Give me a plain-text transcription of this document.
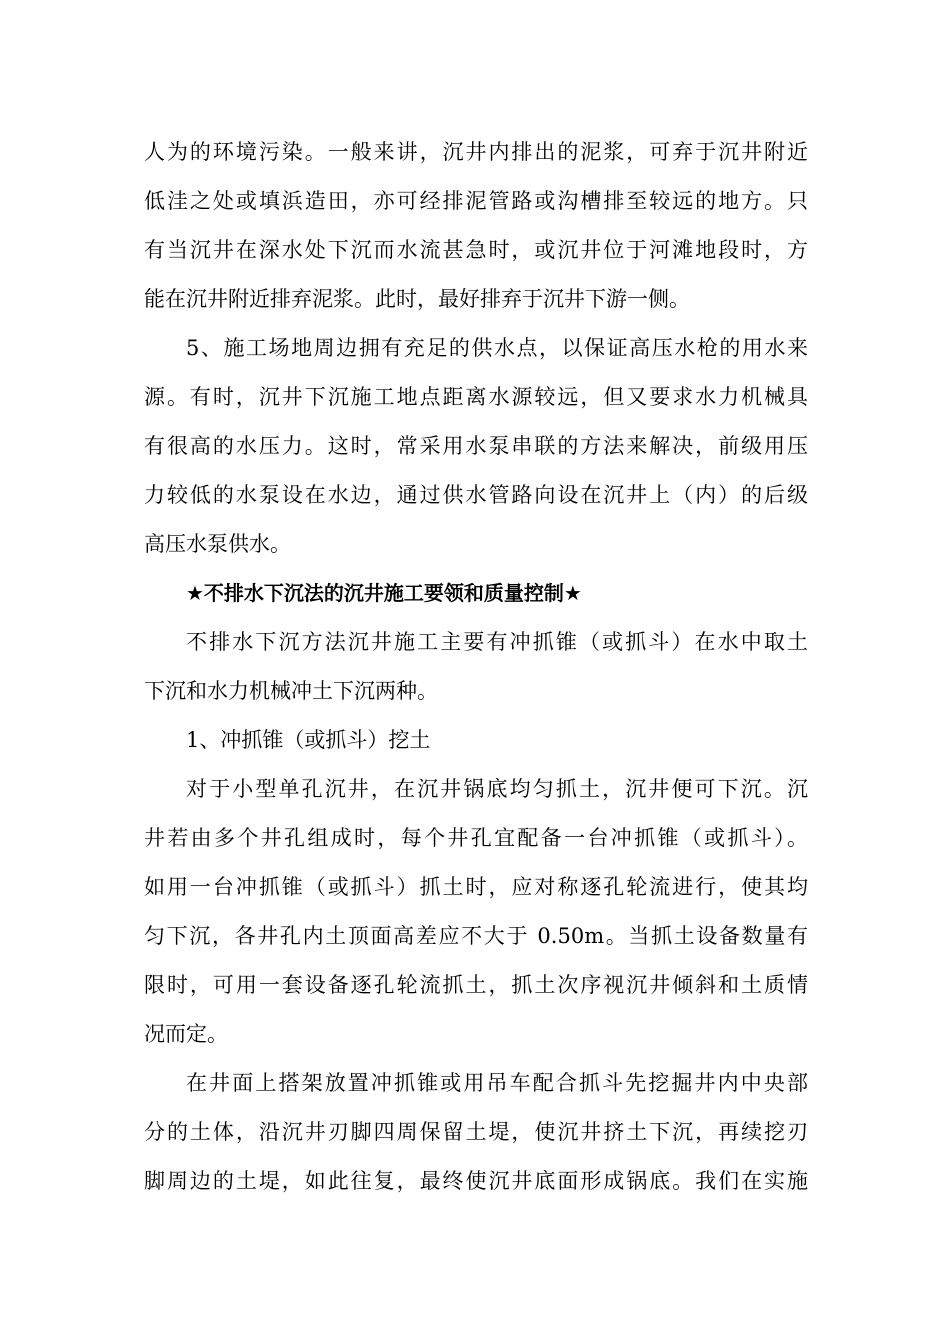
人为的环境污染。一般来讲，沉井内排出的泥浆，可弃于沉井附近
低洼之处或填浜造田，亦可经排泥管路或沟槽排至较远的地方。只
有当沉井在深水处下沉而水流甚急时，或沉井位于河滩地段时，方
能在沉井附近排弃泥浆。此时，最好排弃于沉井下游一侧。
5、施工场地周边拥有充足的供水点，以保证高压水枪的用水来
源。有时，沉井下沉施工地点距离水源较远，但又要求水力机械具
有很高的水压力。这时，常采用水泵串联的方法来解决，前级用压
力较低的水泵设在水边，通过供水管路向设在沉井上（内）的后级
高压水泵供水。
★不排水下沉法的沉井施工要领和质量控制★
不排水下沉方法沉井施工主要有冲抓锥（或抓斗）在水中取土
下沉和水力机械冲土下沉两种。
1、冲抓锥（或抓斗）挖土
对于小型单孔沉井，在沉井锅底均匀抓土，沉井便可下沉。沉
井若由多个井孔组成时，每个井孔宜配备一台冲抓锥（或抓斗）。
如用一台冲抓锥（或抓斗）抓土时，应对称逐孔轮流进行，使其均
匀下沉，各井孔内土顶面高差应不大于 0.50m。当抓土设备数量有
限时，可用一套设备逐孔轮流抓土，抓土次序视沉井倾斜和土质情
况而定。
在井面上搭架放置冲抓锥或用吊车配合抓斗先挖掘井内中央部
分的土体，沿沉井刃脚四周保留土堤，使沉井挤土下沉，再续挖刃
脚周边的土堤，如此往复，最终使沉井底面形成锅底。我们在实施
